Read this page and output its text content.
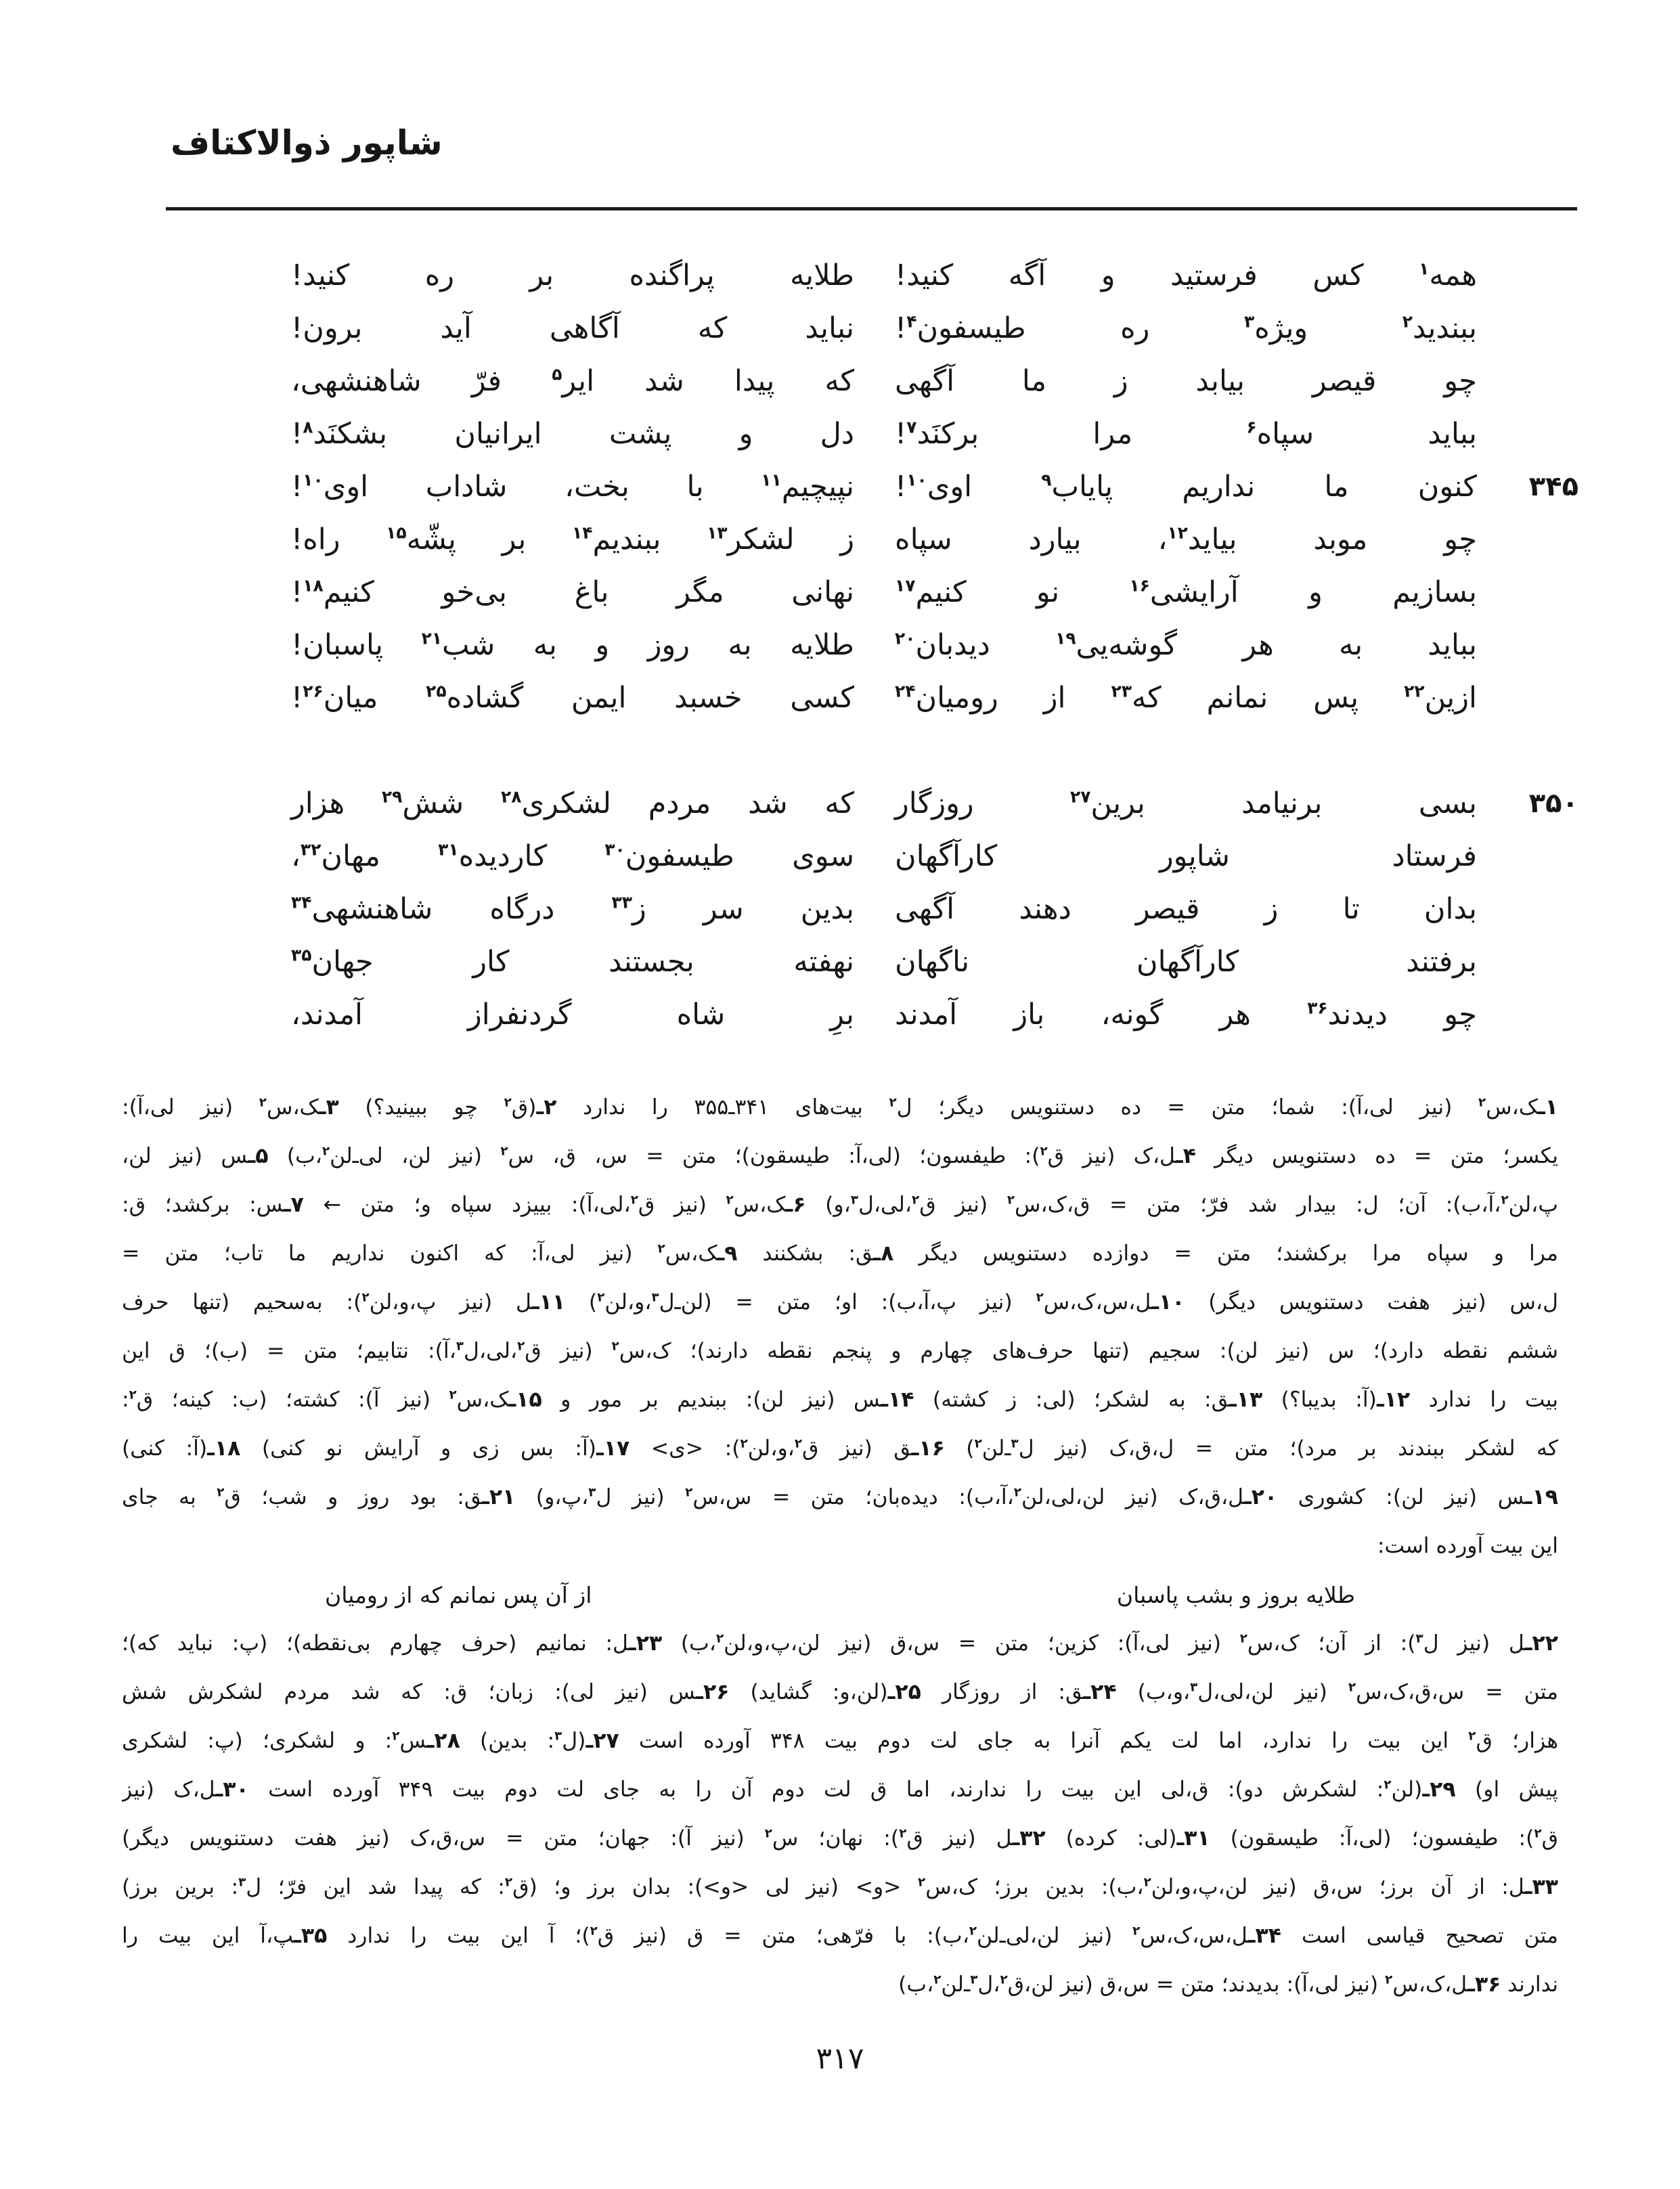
شاپور ذوالاکتاف
همه$^۱$
کس
فرستید
و
آگه
کنید!
طلایه
پراگنده
بر
ره
کنید!
ببندید$^۲$
ویژه$^۳$
ره
طیسفون$^۴$!
نباید
که
آگاهی
آید
برون!
چو
قیصر
بیابد
ز
ما
آگهی
که
پیدا
شد
ایر$^۵$
فرّ
شاهنشهی،
بباید
سپاه$^۶$
مرا
برکنَد$^۷$!
دل
و
پشت
ایرانیان
بشکنَد$^۸$!
۳۴۵
کنون
ما
نداریم
پایاب$^۹$
اوی$^{۱۰}$!
نپیچیم$^{۱۱}$
با
بخت،
شاداب
اوی$^{۱۰}$!
چو
موبد
بیاید$^{۱۲}$،
بیارد
سپاه
ز
لشکر$^{۱۳}$
ببندیم$^{۱۴}$
بر
پشّه$^{۱۵}$
راه!
بسازیم
و
آرایشی$^{۱۶}$
نو
کنیم$^{۱۷}$
نهانی
مگر
باغ
بی‌خو
کنیم$^{۱۸}$!
بباید
به
هر
گوشه‌یی$^{۱۹}$
دیدبان$^{۲۰}$
طلایه
به
روز
و
به
شب$^{۲۱}$
پاسبان!
ازین$^{۲۲}$
پس
نمانم
که$^{۲۳}$
از
رومیان$^{۲۴}$
کسی
خسبد
ایمن
گشاده$^{۲۵}$
میان$^{۲۶}$!
۳۵۰
بسی
برنیامد
برین$^{۲۷}$
روزگار
که
شد
مردم
لشکری$^{۲۸}$
شش$^{۲۹}$
هزار
فرستاد
شاپور
کارآگهان
سوی
طیسفون$^{۳۰}$
کاردیده$^{۳۱}$
مهان$^{۳۲}$،
بدان
تا
ز
قیصر
دهند
آگهی
بدین
سر
ز$^{۳۳}$
درگاه
شاهنشهی$^{۳۴}$
برفتند
کارآگهان
ناگهان
نهفته
بجستند
کار
جهان$^{۳۵}$
چو
دیدند$^{۳۶}$
هر
گونه،
باز
آمدند
برِ
شاه
گردنفراز
آمدند،
۱ـک،س$^۲$ (نیز لی،آ): شما؛ متن = ده دستنویس دیگر؛ ل$^۲$ بیت‌های ۳۴۱ـ۳۵۵ را ندارد ۲ـ(ق$^۲$ چو ببینید؟) ۳ـک،س$^۲$ (نیز لی،آ):
یکسر؛ متن = ده دستنویس دیگر ۴ـل،ک (نیز ق$^۲$): طیفسون؛ (لی،آ: طیسقون)؛ متن = س، ق، س$^۲$ (نیز لن، لی‌ـ‌لن$^۲$،ب) ۵ـس (نیز لن،
پ،لن$^۲$،آ،ب): آن؛ ل: بیدار شد فرّ؛ متن = ق،ک،س$^۲$ (نیز ق$^۲$،لی،ل$^۳$،و) ۶ـک،س$^۲$ (نیز ق$^۲$،لی،آ): بییزد سپاه و؛ متن ← ۷ـس: برکشد؛ ق:
مرا و سپاه مرا برکشند؛ متن = دوازده دستنویس دیگر ۸ـق: بشکنند ۹ـک،س$^۲$ (نیز لی،آ: که اکنون نداریم ما تاب؛ متن =
ل،س (نیز هفت دستنویس دیگر) ۱۰ـل،س،ک،س$^۲$ (نیز پ،آ،ب): او؛ متن = (لن‌ـ‌ل$^۳$،و،لن$^۲$) ۱۱ـل (نیز پ،و،لن$^۲$): به‌سحیم (تنها حرف
ششم نقطه دارد)؛ س (نیز لن): سجیم (تنها حرف‌های چهارم و پنجم نقطه دارند)؛ ک،س$^۲$ (نیز ق$^۲$،لی،ل$^۳$،آ): نتابیم؛ متن = (ب)؛ ق این
بیت را ندارد ۱۲ـ(آ: بدیبا؟) ۱۳ـق: به لشکر؛ (لی: ز کشته) ۱۴ـس (نیز لن): ببندیم بر مور و ۱۵ـک،س$^۲$ (نیز آ): کشته؛ (ب: کینه؛ ق$^۲$:
که لشکر ببندند بر مرد)؛ متن = ل،ق،ک (نیز ل$^۳$‌ـ‌لن$^۲$) ۱۶ـق (نیز ق$^۲$،و،لن$^۲$): <ی> ۱۷ـ(آ: بس زی و آرایش نو کنی) ۱۸ـ(آ: کنی)
۱۹ـس (نیز لن): کشوری ۲۰ـل،ق،ک (نیز لن،لی،لن$^۲$،آ،ب): دیده‌بان؛ متن = س،س$^۲$ (نیز ل$^۳$،پ،و) ۲۱ـق: بود روز و شب؛ ق$^۲$ به جای
این بیت آورده است:
طلایه بروز و بشب پاسبان
از آن پس نمانم که از رومیان
۲۲ـل (نیز ل$^۳$): از آن؛ ک،س$^۲$ (نیز لی،آ): کزین؛ متن = س،ق (نیز لن،پ،و،لن$^۲$،ب) ۲۳ـل: نمانیم (حرف چهارم بی‌نقطه)؛ (پ: نباید که)؛
متن = س،ق،ک،س$^۲$ (نیز لن،لی،ل$^۳$،و،ب) ۲۴ـق: از روزگار ۲۵ـ(لن،و: گشاید) ۲۶ـس (نیز لی): زبان؛ ق: که شد مردم لشکرش شش
هزار؛ ق$^۲$ این بیت را ندارد، اما لت یکم آنرا به جای لت دوم بیت ۳۴۸ آورده است ۲۷ـ(ل$^۳$: بدین) ۲۸ـس$^۲$: و لشکری؛ (پ: لشکری
پیش او) ۲۹ـ(لن$^۲$: لشکرش دو): ق،لی این بیت را ندارند، اما ق لت دوم آن را به جای لت دوم بیت ۳۴۹ آورده است ۳۰ـل،ک (نیز
ق$^۲$): طیفسون؛ (لی،آ: طیسقون) ۳۱ـ(لی: کرده) ۳۲ـل (نیز ق$^۲$): نهان؛ س$^۲$ (نیز آ): جهان؛ متن = س،ق،ک (نیز هفت دستنویس دیگر)
۳۳ـل: از آن برز؛ س،ق (نیز لن،پ،و،لن$^۲$،ب): بدین برز؛ ک،س$^۲$ <و> (نیز لی <و>): بدان برز و؛ (ق$^۲$: که پیدا شد این فرّ؛ ل$^۳$: برین برز)
متن تصحیح قیاسی است ۳۴ـل،س،ک،س$^۲$ (نیز لن،لی‌ـ‌لن$^۲$،ب): با فرّهی؛ متن = ق (نیز ق$^۲$)؛ آ این بیت را ندارد ۳۵ـپ،آ این بیت را
ندارند ۳۶ـل،ک،س$^۲$ (نیز لی،آ): بدیدند؛ متن = س،ق (نیز لن،ق$^۲$،ل$^۳$‌ـ‌لن$^۲$،ب)
۳۱۷
